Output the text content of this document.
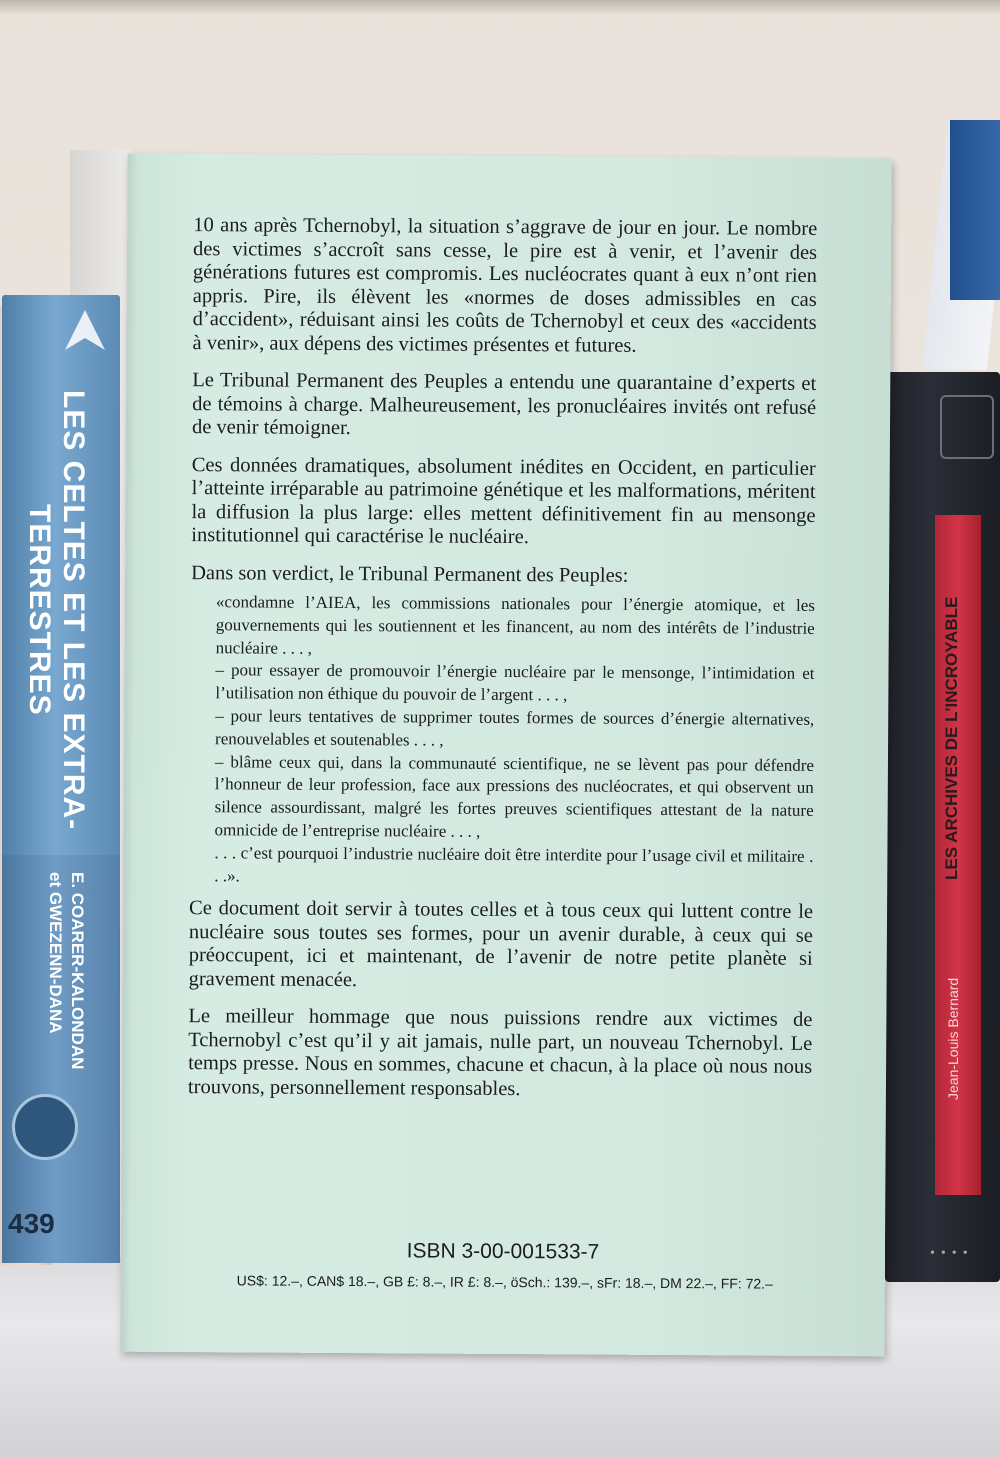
LES CELTES ET LES EXTRA-TERRESTRES
E. COARER-KALONDAN
et GWEZENN-DANA
439
LES ARCHIVES DE L'INCROYABLE
Jean-Louis Bernard
••••

10 ans après Tchernobyl, la situation s’aggrave de jour en jour. Le nombre des victimes s’accroît sans cesse, le pire est à venir, et l’avenir des générations futures est compromis. Les nucléocrates quant à eux n’ont rien appris. Pire, ils élèvent les «normes de doses admissibles en cas d’accident», réduisant ainsi les coûts de Tchernobyl et ceux des «accidents à venir», aux dépens des victimes présentes et futures.

Le Tribunal Permanent des Peuples a entendu une quarantaine d’experts et de témoins à charge. Malheureusement, les pronucléaires invités ont refusé de venir témoigner.

Ces données dramatiques, absolument inédites en Occident, en particulier l’atteinte irréparable au patrimoine génétique et les malformations, méritent la diffusion la plus large: elles mettent définitivement fin au mensonge institutionnel qui caractérise le nucléaire.

Dans son verdict, le Tribunal Permanent des Peuples:

«condamne l’AIEA, les commissions nationales pour l’énergie atomique, et les gouvernements qui les soutiennent et les financent, au nom des intérêts de l’industrie nucléaire . . . ,
– pour essayer de promouvoir l’énergie nucléaire par le mensonge, l’intimidation et l’utilisation non éthique du pouvoir de l’argent . . . ,
– pour leurs tentatives de supprimer toutes formes de sources d’énergie alternatives, renouvelables et soutenables . . . ,
– blâme ceux qui, dans la communauté scientifique, ne se lèvent pas pour défendre l’honneur de leur profession, face aux pressions des nucléocrates, et qui observent un silence assourdissant, malgré les fortes preuves scientifiques attestant de la nature omnicide de l’entreprise nucléaire . . . ,
. . . c’est pourquoi l’industrie nucléaire doit être interdite pour l’usage civil et militaire . . .».

Ce document doit servir à toutes celles et à tous ceux qui luttent contre le nucléaire sous toutes ses formes, pour un avenir durable, à ceux qui se préoccupent, ici et maintenant, de l’avenir de notre petite planète si gravement menacée.

Le meilleur hommage que nous puissions rendre aux victimes de Tchernobyl c’est qu’il y ait jamais, nulle part, un nouveau Tchernobyl. Le temps presse. Nous en sommes, chacune et chacun, à la place où nous nous trouvons, personnellement responsables.

ISBN 3-00-001533-7
US$: 12.–, CAN$ 18.–, GB £: 8.–, IR £: 8.–, öSch.: 139.–, sFr: 18.–, DM 22.–, FF: 72.–
